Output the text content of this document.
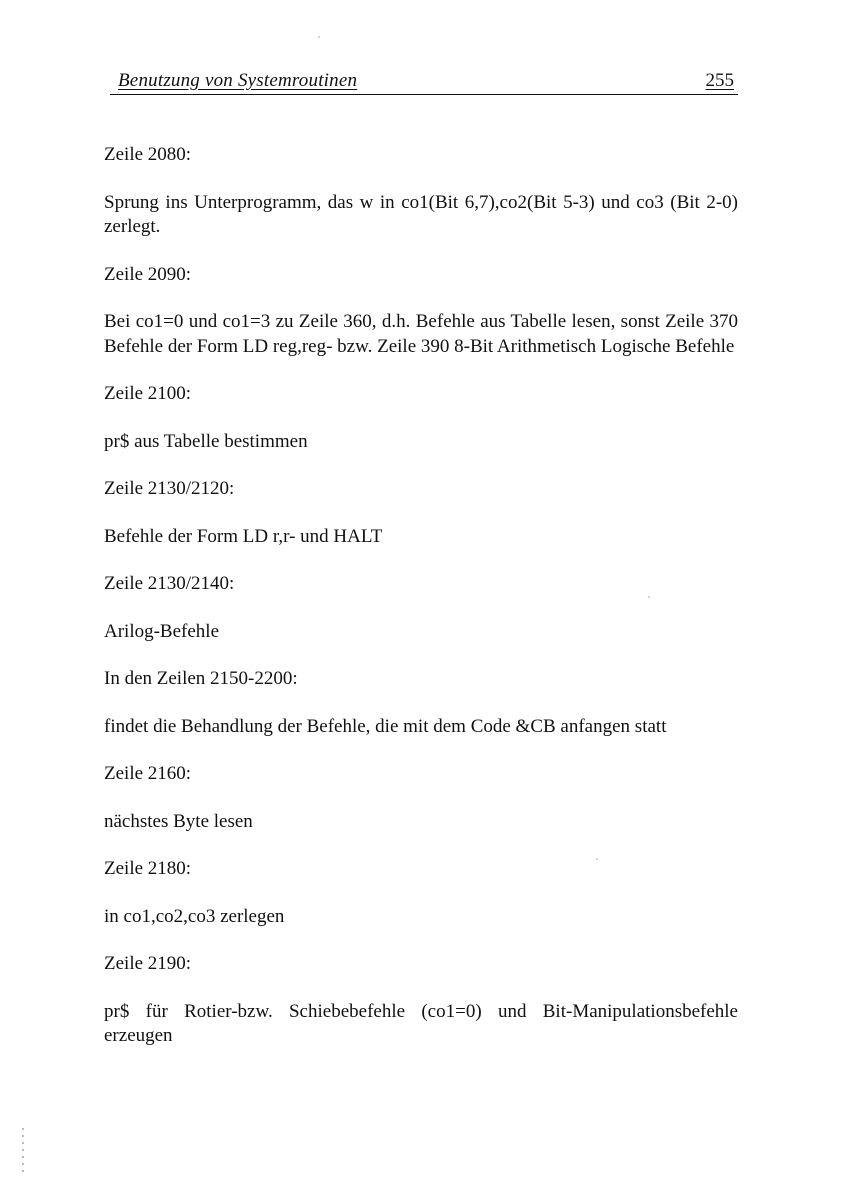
Benutzung von Systemroutinen	255

Zeile 2080:

Sprung ins Unterprogramm, das w in co1(Bit 6,7),co2(Bit 5-3) und co3 (Bit 2-0) zerlegt.

Zeile 2090:

Bei co1=0 und co1=3 zu Zeile 360, d.h. Befehle aus Tabelle lesen, sonst Zeile 370 Befehle der Form LD reg,reg- bzw. Zeile 390 8-Bit Arithmetisch Logische Befehle

Zeile 2100:

pr$ aus Tabelle bestimmen

Zeile 2130/2120:

Befehle der Form LD r,r- und HALT

Zeile 2130/2140:

Arilog-Befehle

In den Zeilen 2150-2200:

findet die Behandlung der Befehle, die mit dem Code &CB anfangen statt

Zeile 2160:

nächstes Byte lesen

Zeile 2180:

in co1,co2,co3 zerlegen

Zeile 2190:

pr$ für Rotier-bzw. Schiebebefehle (co1=0) und Bit-Manipulationsbefehle erzeugen
